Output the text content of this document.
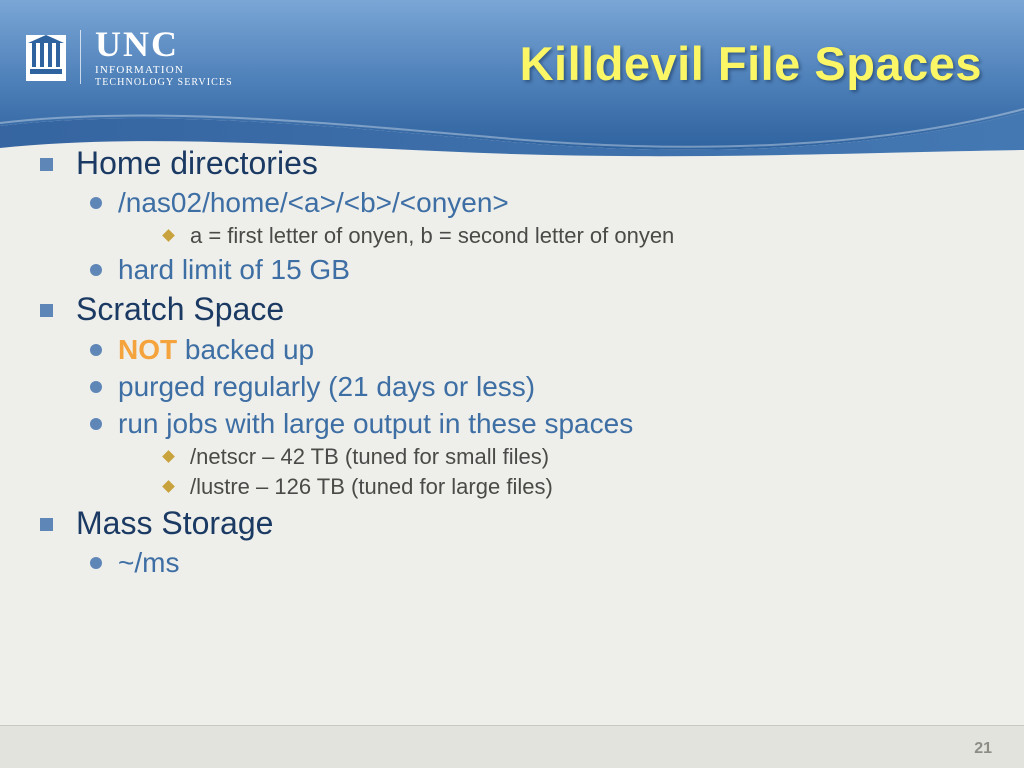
UNC
INFORMATION
TECHNOLOGY SERVICES	Killdevil File Spaces
Home directories
/nas02/home/<a>/<b>/<onyen>
a = first letter of onyen, b = second letter of onyen
hard limit of 15 GB
Scratch Space
NOT backed up
purged regularly (21 days or less)
run jobs with large output in these spaces
/netscr – 42 TB (tuned for small files)
/lustre – 126 TB (tuned for large files)
Mass Storage
~/ms
21
